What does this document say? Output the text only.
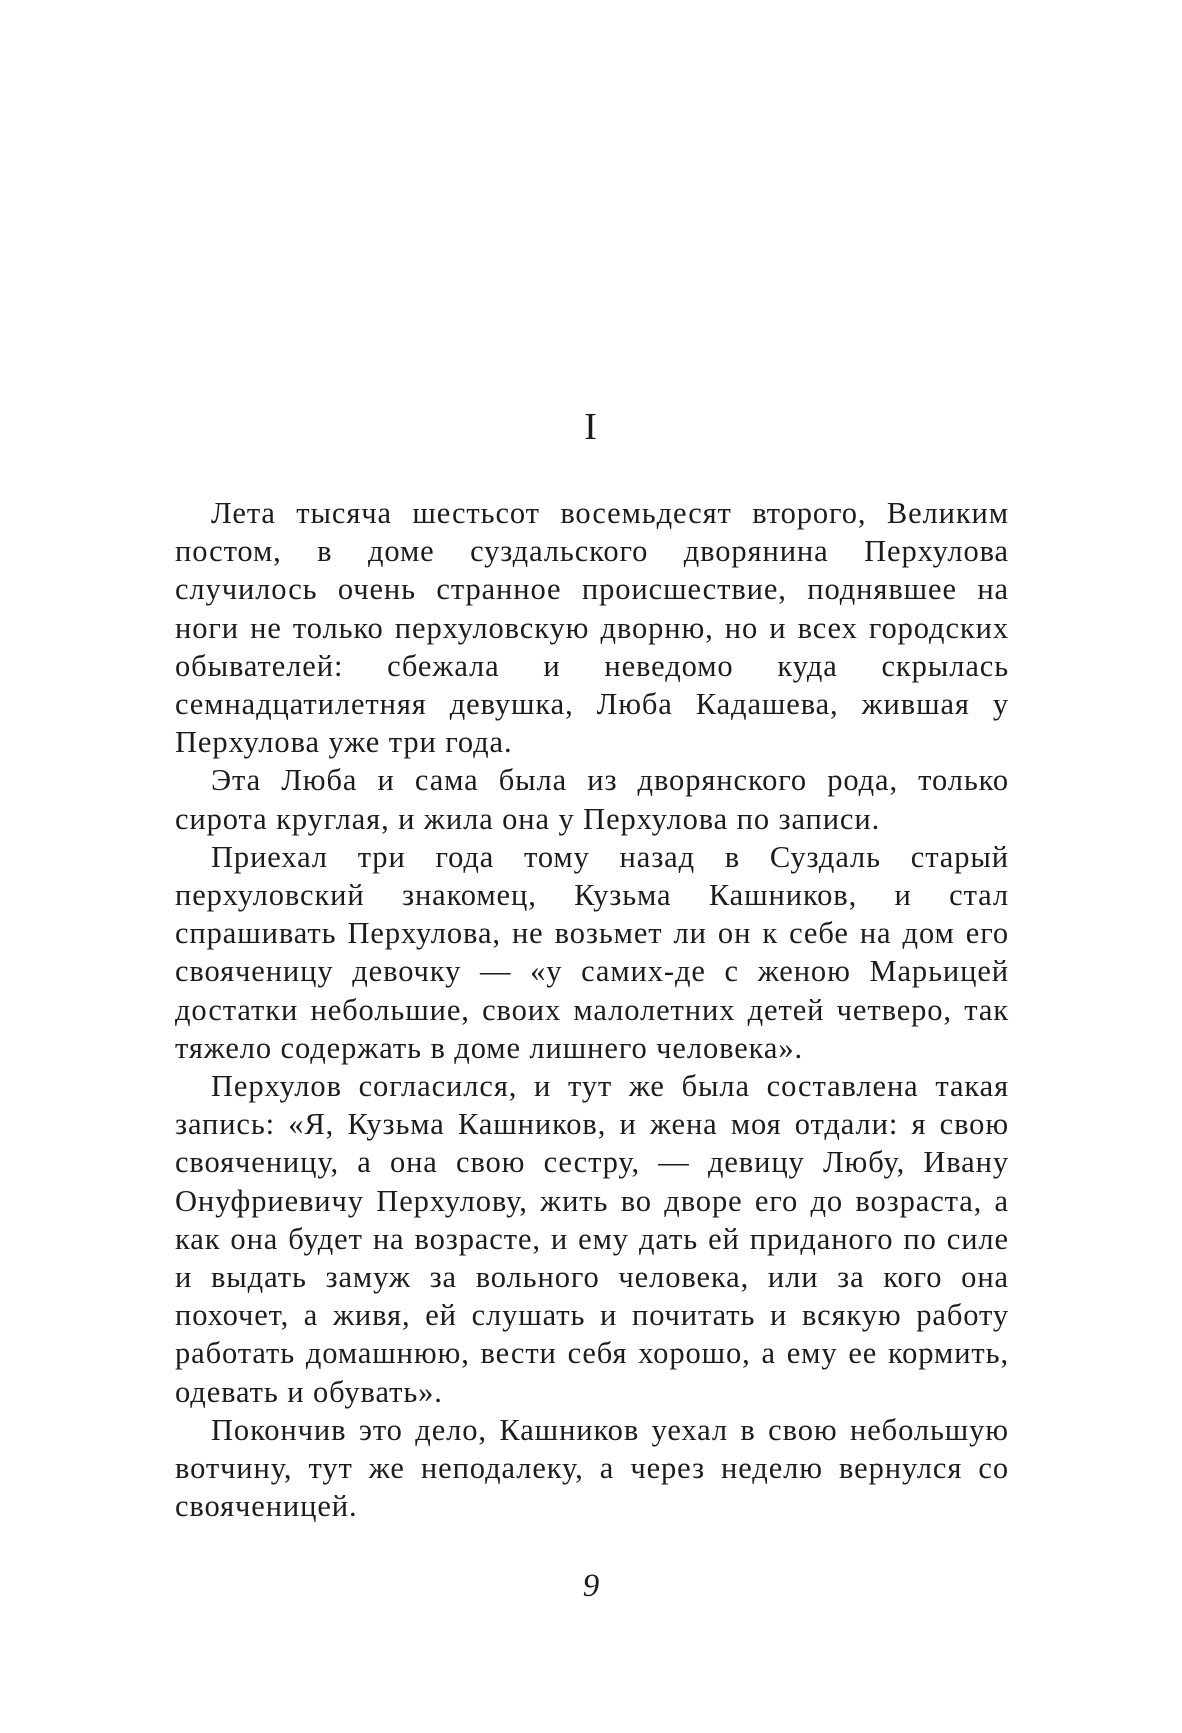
I

Лета тысяча шестьсот восемьдесят второго, Великим постом, в доме суздальского дворянина Перхулова случилось очень странное происшествие, поднявшее на ноги не только перхуловскую дворню, но и всех городских обывателей: сбежала и неведомо куда скрылась семнадцатилетняя девушка, Люба Кадашева, жившая у Перхулова уже три года.

Эта Люба и сама была из дворянского рода, только сирота круглая, и жила она у Перхулова по записи.

Приехал три года тому назад в Суздаль старый перхуловский знакомец, Кузьма Кашников, и стал спрашивать Перхулова, не возьмет ли он к себе на дом его свояченицу девочку — «у самих-де с женою Марьицей достатки небольшие, своих малолетних детей четверо, так тяжело содержать в доме лишнего человека».

Перхулов согласился, и тут же была составлена такая запись: «Я, Кузьма Кашников, и жена моя отдали: я свою свояченицу, а она свою сестру, — девицу Любу, Ивану Онуфриевичу Перхулову, жить во дворе его до возраста, а как она будет на возрасте, и ему дать ей приданого по силе и выдать замуж за вольного человека, или за кого она похочет, а живя, ей слушать и почитать и всякую работу работать домашнюю, вести себя хорошо, а ему ее кормить, одевать и обувать».

Покончив это дело, Кашников уехал в свою небольшую вотчину, тут же неподалеку, а через неделю вернулся со свояченицей.

9
